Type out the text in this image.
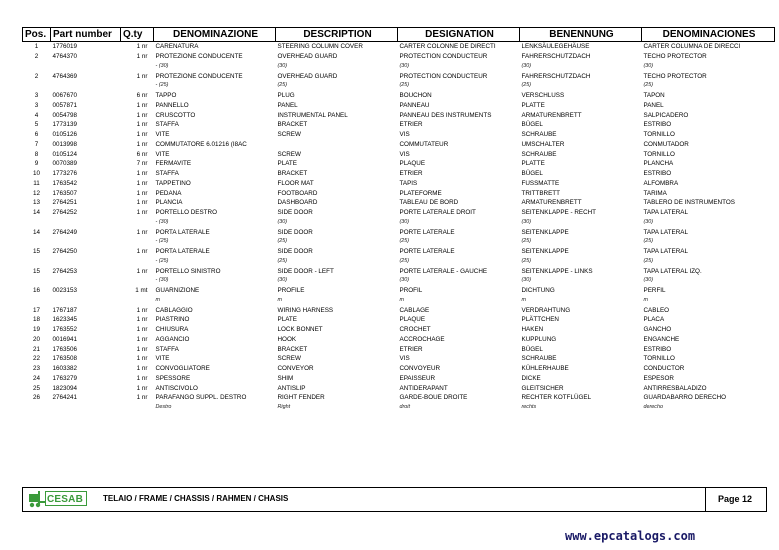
Pos.	Part number	Q.ty	DENOMINAZIONE	DESCRIPTION	DESIGNATION	BENENNUNG	DENOMINACIONES
1	1776019	1 nr	CARENATURA	STEERING COLUMN COVER	CARTER COLONNE DE DIRECTI	LENKSÄULEGEHÄUSE	CARTER COLUMNA DE DIRECCI
2	4764370	1 nr	PROTEZIONE CONDUCENTE	OVERHEAD GUARD	PROTECTION CONDUCTEUR	FAHRERSCHUTZDACH	TECHO PROTECTOR
			- (30)	(30)	(30)	(30)	(30)
2	4764369	1 nr	PROTEZIONE CONDUCENTE	OVERHEAD GUARD	PROTECTION CONDUCTEUR	FAHRERSCHUTZDACH	TECHO PROTECTOR
			- (25)	(25)	(25)	(25)	(25)
3	0067670	6 nr	TAPPO	PLUG	BOUCHON	VERSCHLUSS	TAPON
3	0057871	1 nr	PANNELLO	PANEL	PANNEAU	PLATTE	PANEL
4	0054798	1 nr	CRUSCOTTO	INSTRUMENTAL PANEL	PANNEAU DES INSTRUMENTS	ARMATURENBRETT	SALPICADERO
5	1773139	1 nr	STAFFA	BRACKET	ETRIER	BÜGEL	ESTRIBO
6	0105126	1 nr	VITE	SCREW	VIS	SCHRAUBE	TORNILLO
7	0013998	1 nr	COMMUTATORE 6.01216 (I8AC		COMMUTATEUR	UMSCHALTER	CONMUTADOR
8	0105124	6 nr	VITE	SCREW	VIS	SCHRAUBE	TORNILLO
9	0070389	7 nr	FERMAVITE	PLATE	PLAQUE	PLATTE	PLANCHA
10	1773276	1 nr	STAFFA	BRACKET	ETRIER	BÜGEL	ESTRIBO
11	1763542	1 nr	TAPPETINO	FLOOR MAT	TAPIS	FUSSMATTE	ALFOMBRA
12	1763507	1 nr	PEDANA	FOOTBOARD	PLATEFORME	TRITTBRETT	TARIMA
13	2764251	1 nr	PLANCIA	DASHBOARD	TABLEAU DE BORD	ARMATURENBRETT	TABLERO DE INSTRUMENTOS
14	2764252	1 nr	PORTELLO DESTRO	SIDE DOOR	PORTE LATERALE DROIT	SEITENKLAPPE - RECHT	TAPA LATERAL
			- (30)	(30)	(30)	(30)	(30)
14	2764249	1 nr	PORTA LATERALE	SIDE DOOR	PORTE LATERALE	SEITENKLAPPE	TAPA LATERAL
			- (25)	(25)	(25)	(25)	(25)
15	2764250	1 nr	PORTA LATERALE	SIDE DOOR	PORTE LATERALE	SEITENKLAPPE	TAPA LATERAL
			- (25)	(25)	(25)	(25)	(25)
15	2764253	1 nr	PORTELLO SINISTRO	SIDE DOOR - LEFT	PORTE LATERALE - GAUCHE	SEITENKLAPPE - LINKS	TAPA LATERAL IZQ.
			- (30)	(30)	(30)	(30)	(30)
16	0023153	1 mt	GUARNIZIONE	PROFILE	PROFIL	DICHTUNG	PERFIL
			m	m	m	m	m
17	1767187	1 nr	CABLAGGIO	WIRING HARNESS	CABLAGE	VERDRAHTUNG	CABLEO
18	1623345	1 nr	PIASTRINO	PLATE	PLAQUE	PLÄTTCHEN	PLACA
19	1763552	1 nr	CHIUSURA	LOCK BONNET	CROCHET	HAKEN	GANCHO
20	0016941	1 nr	AGGANCIO	HOOK	ACCROCHAGE	KUPPLUNG	ENGANCHE
21	1763506	1 nr	STAFFA	BRACKET	ETRIER	BÜGEL	ESTRIBO
22	1763508	1 nr	VITE	SCREW	VIS	SCHRAUBE	TORNILLO
23	1603382	1 nr	CONVOGLIATORE	CONVEYOR	CONVOYEUR	KÜHLERHAUBE	CONDUCTOR
24	1763279	1 nr	SPESSORE	SHIM	EPAISSEUR	DICKE	ESPESOR
25	1823094	1 nr	ANTISCIVOLO	ANTISLIP	ANTIDERAPANT	GLEITSICHER	ANTIRRESBALADIZO
26	2764241	1 nr	PARAFANGO SUPPL. DESTRO	RIGHT FENDER	GARDE-BOUE DROITE	RECHTER KOTFLÜGEL	GUARDABARRO DERECHO
			Destro	Right	droit	rechts	derecho
CESAB TELAIO / FRAME / CHASSIS / RAHMEN / CHASIS	Page 12
www.epcatalogs.com
